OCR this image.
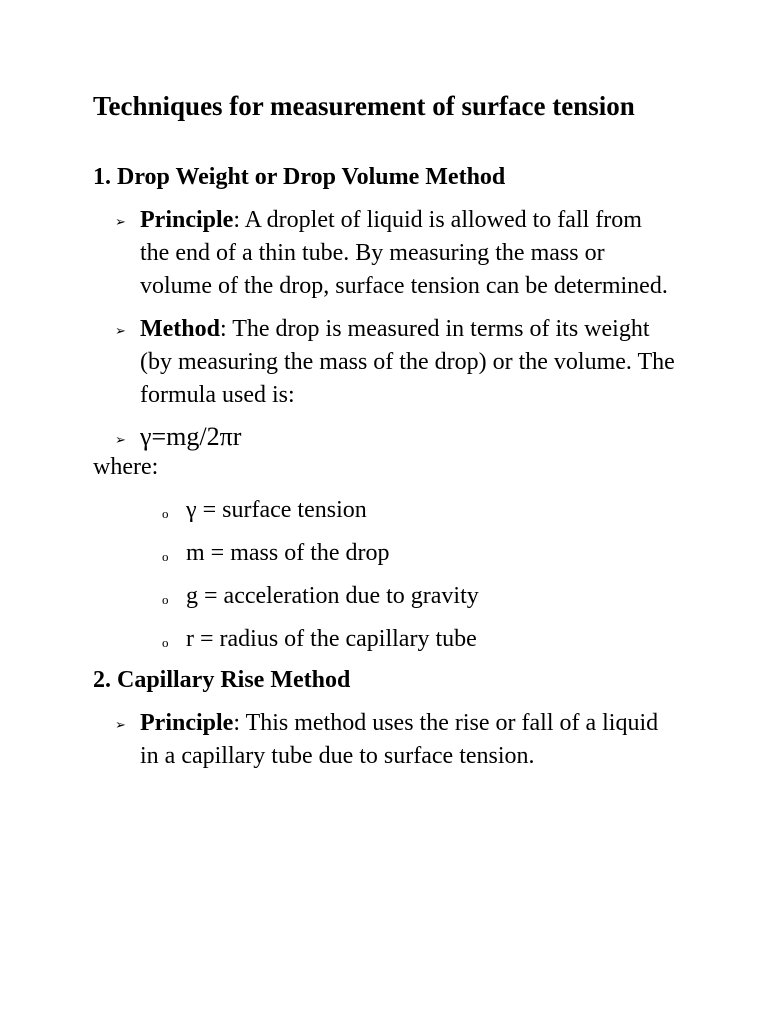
Techniques for measurement of surface tension
1. Drop Weight or Drop Volume Method
➢ Principle: A droplet of liquid is allowed to fall from the end of a thin tube. By measuring the mass or volume of the drop, surface tension can be determined.
➢ Method: The drop is measured in terms of its weight (by measuring the mass of the drop) or the volume. The formula used is:
➢ γ=mg/2πr

where:

o γ = surface tension
o m = mass of the drop
o g = acceleration due to gravity
o r = radius of the capillary tube
2. Capillary Rise Method
➢ Principle: This method uses the rise or fall of a liquid in a capillary tube due to surface tension.
